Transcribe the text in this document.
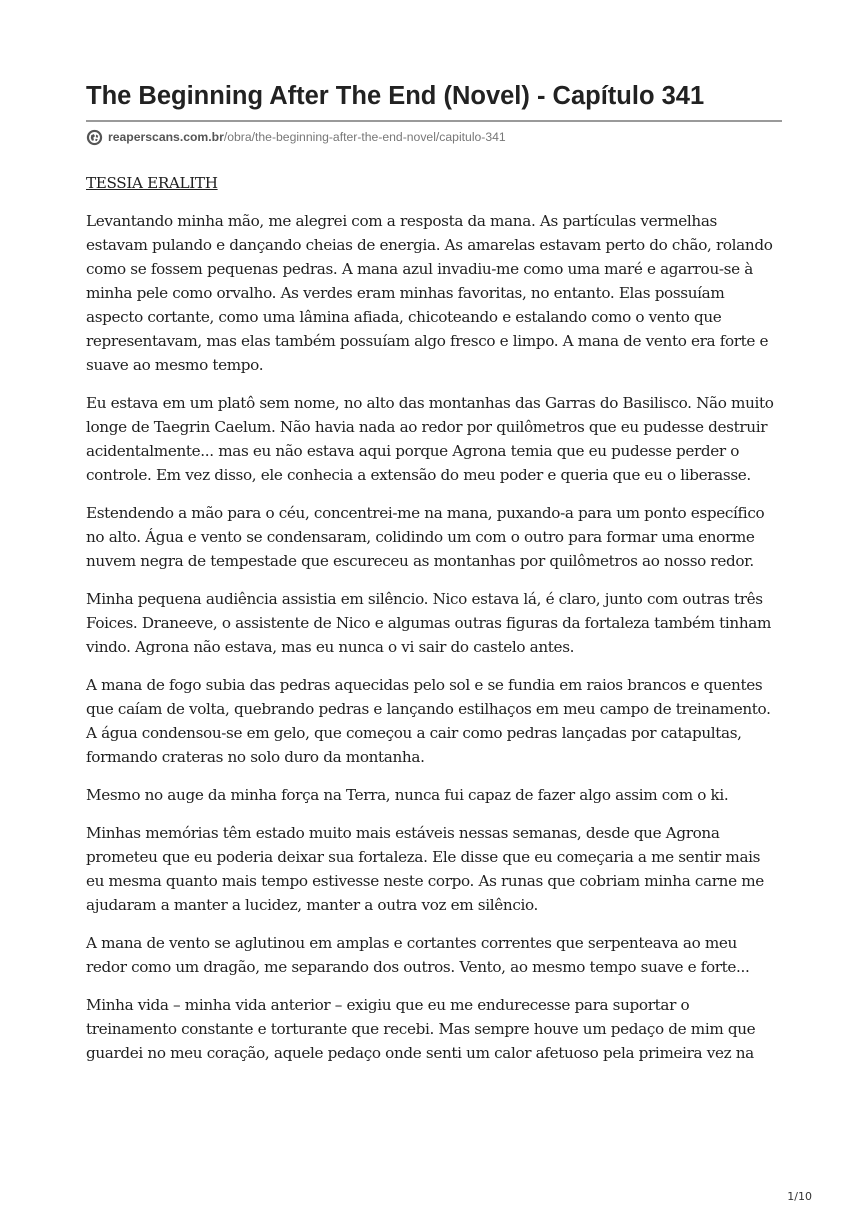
The Beginning After The End (Novel) - Capítulo 341
reaperscans.com.br/obra/the-beginning-after-the-end-novel/capitulo-341

TESSIA ERALITH

Levantando minha mão, me alegrei com a resposta da mana. As partículas vermelhas estavam pulando e dançando cheias de energia. As amarelas estavam perto do chão, rolando como se fossem pequenas pedras. A mana azul invadiu-me como uma maré e agarrou-se à minha pele como orvalho. As verdes eram minhas favoritas, no entanto. Elas possuíam aspecto cortante, como uma lâmina afiada, chicoteando e estalando como o vento que representavam, mas elas também possuíam algo fresco e limpo. A mana de vento era forte e suave ao mesmo tempo.

Eu estava em um platô sem nome, no alto das montanhas das Garras do Basilisco. Não muito longe de Taegrin Caelum. Não havia nada ao redor por quilômetros que eu pudesse destruir acidentalmente... mas eu não estava aqui porque Agrona temia que eu pudesse perder o controle. Em vez disso, ele conhecia a extensão do meu poder e queria que eu o liberasse.

Estendendo a mão para o céu, concentrei-me na mana, puxando-a para um ponto específico no alto. Água e vento se condensaram, colidindo um com o outro para formar uma enorme nuvem negra de tempestade que escureceu as montanhas por quilômetros ao nosso redor.

Minha pequena audiência assistia em silêncio. Nico estava lá, é claro, junto com outras três Foices. Draneeve, o assistente de Nico e algumas outras figuras da fortaleza também tinham vindo. Agrona não estava, mas eu nunca o vi sair do castelo antes.

A mana de fogo subia das pedras aquecidas pelo sol e se fundia em raios brancos e quentes que caíam de volta, quebrando pedras e lançando estilhaços em meu campo de treinamento. A água condensou-se em gelo, que começou a cair como pedras lançadas por catapultas, formando crateras no solo duro da montanha.

Mesmo no auge da minha força na Terra, nunca fui capaz de fazer algo assim com o ki.

Minhas memórias têm estado muito mais estáveis nessas semanas, desde que Agrona prometeu que eu poderia deixar sua fortaleza. Ele disse que eu começaria a me sentir mais eu mesma quanto mais tempo estivesse neste corpo. As runas que cobriam minha carne me ajudaram a manter a lucidez, manter a outra voz em silêncio.

A mana de vento se aglutinou em amplas e cortantes correntes que serpenteava ao meu redor como um dragão, me separando dos outros. Vento, ao mesmo tempo suave e forte...

Minha vida – minha vida anterior – exigiu que eu me endurecesse para suportar o treinamento constante e torturante que recebi. Mas sempre houve um pedaço de mim que guardei no meu coração, aquele pedaço onde senti um calor afetuoso pela primeira vez na

1/10
